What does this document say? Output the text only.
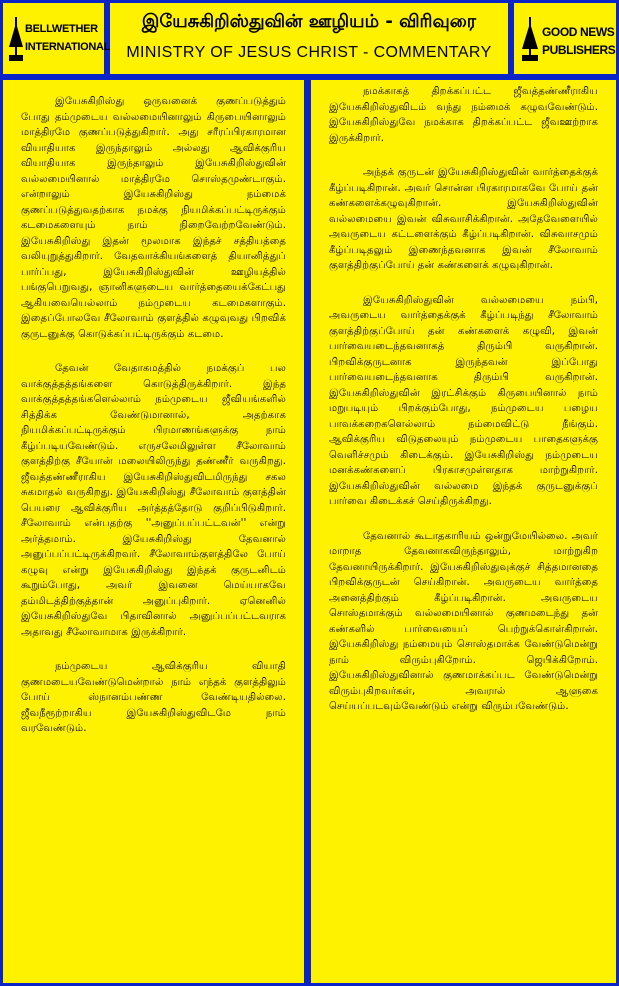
BELLWETHER
INTERNATIONAL
இயேசுகிறிஸ்துவின் ஊழியம் - விரிவுரை
MINISTRY OF JESUS CHRIST - COMMENTARY
GOOD NEWS
PUBLISHERS

இயேசுகிறிஸ்து ஒருவனைக் குணப்படுத்தும் போது தம்முடைய வல்லமையினாலும் கிருபையினாலும் மாத்திரமே குணப்படுத்துகிறார். அது சரீரப்பிரகாரமான வியாதியாக இருந்தாலும் அல்லது ஆவிக்குரிய வியாதியாக இருந்தாலும் இயேசுகிறிஸ்துவின் வல்லமையினால் மாத்திரமே சொஸ்தமுண்டாகும். என்றாலும் இயேசுகிறிஸ்து நம்மைக் குணப்படுத்துவதற்காக நமக்கு நியமிக்கப்பட்டிருக்கும் கடமைகளையும் நாம் நிறைவேற்றவேண்டும். இயேசுகிறிஸ்து இதன் மூலமாக இந்தச் சத்தியத்தை வலியுறுத்துகிறார். வேதவாக்கியங்களைத் தியானித்துப் பார்ப்பது, இயேசுகிறிஸ்துவின் ஊழியத்தில் பங்குபெறுவது, ஞானிகளுடைய வார்த்தையைக்கேட்பது ஆகியவையெல்லாம் நம்முடைய கடமைகளாகும். இதைப்போலவே சீலோவாம் குளத்தில் கழுவுவது பிறவிக் குருடனுக்கு கொடுக்கப்பட்டிருக்கும் கடமை.

தேவன் வேதாகமத்தில் நமக்குப் பல வாக்குத்தத்தங்களை கொடுத்திருக்கிறார். இந்த வாக்குத்தத்தங்களெல்லாம் நம்முடைய ஜீவியங்களில் சித்திக்க வேண்டுமானால், அதற்காக நியமிக்கப்பட்டிருக்கும் பிரமாணங்களுக்கு நாம் கீழ்ப்படியவேண்டும். எருசலேமிலுள்ள சீலோவாம் குளத்திற்கு சீயோன் மலையிலிருந்து தண்ணீர் வருகிறது. ஜீவத்தண்ணீராகிய இயேசுகிறிஸ்துவிடமிருந்து சகல சுகமாதல் வருகிறது. இயேசுகிறிஸ்து சீலோவாம் குளத்தின் பெயரை ஆவிக்குரிய அர்த்தத்தோடு குறிப்பிடுகிறார். சீலோவாம் என்பதற்கு ''அனுப்பப்பட்டவன்'' என்று அர்த்தமாம். இயேசுகிறிஸ்து தேவனால் அனுப்பப்பட்டிருக்கிறவர். சீலோவாம்குளத்திலே போய் கழுவு என்று இயேசுகிறிஸ்து இந்தக் குருடனிடம் கூறும்போது, அவர் இவனை மெய்யாகவே தம்மிடத்திற்குத்தான் அனுப்புகிறார். ஏனெனில் இயேசுகிறிஸ்துவே பிதாவினால் அனுப்பப்பட்டவராக அதாவது சீலோவாமாக இருக்கிறார்.

நம்முடைய ஆவிக்குரிய வியாதி குணமடையவேண்டுமென்றால் நாம் எந்தக் குளத்திலும் போய் ஸ்நானம்பண்ண வேண்டியதில்லை. ஜீவநீரூற்றாகிய இயேசுகிறிஸ்துவிடமே நாம் வரவேண்டும்.

நமக்காகத் திறக்கப்பட்ட ஜீவத்தண்ணீராகிய இயேசுகிறிஸ்துவிடம் வந்து நம்மைக் கழுவவேண்டும். இயேசுகிறிஸ்துவே நமக்காக திறக்கப்பட்ட ஜீவஊற்றாக இருக்கிறார்.

அந்தக் குருடன் இயேசுகிறிஸ்துவின் வார்த்தைக்குக் கீழ்ப்படிகிறான். அவர் சொன்ன பிரகாரமாகவே போய் தன் கண்களைக்கழுவுகிறான். இயேசுகிறிஸ்துவின் வல்லமையை இவன் விசுவாசிக்கிறான். அதேவேளையில் அவருடைய கட்டளைக்கும் கீழ்ப்படிகிறான். விசுவாசமும் கீழ்ப்படிதலும் இணைந்தவனாக இவன் சீலோவாம் குளத்திற்குப்போய் தன் கண்களைக் கழுவுகிறான்.

இயேசுகிறிஸ்துவின் வல்லமையை நம்பி, அவருடைய வார்த்தைக்குக் கீழ்ப்படிந்து சீலோவாம் குளத்திற்குப்போய் தன் கண்களைக் கழுவி, இவன் பார்வையடைந்தவனாகத் திரும்பி வருகிறான். பிறவிக்குருடனாக இருந்தவன் இப்போது பார்வையடைந்தவனாக திரும்பி வருகிறான். இயேசுகிறிஸ்துவின் இரட்சிக்கும் கிருபையினால் நாம் மறுபடியும் பிறக்கும்போது, நம்முடைய பழைய பாவக்கறைகளெல்லாம் நம்மைவிட்டு நீங்கும். ஆவிக்குரிய விடுதலையும் நம்முடைய பாதைகளுக்கு வெளிச்சமும் கிடைக்கும். இயேசுகிறிஸ்து நம்முடைய மனக்கண்களைப் பிரகாசமுள்ளதாக மாற்றுகிறார். இயேசுகிறிஸ்துவின் வல்லமை இந்தக் குருடனுக்குப் பார்வை கிடைக்கச் செய்திருக்கிறது.

தேவனால் கூடாதகாரியம் ஒன்றுமேயில்லை. அவர் மாறாத தேவனாகவிருந்தாலும், மாற்றுகிற தேவனாயிருக்கிறார். இயேசுகிறிஸ்துவுக்குச் சித்தமானதை பிறவிக்குருடன் செய்கிறான். அவருடைய வார்த்தை அனைத்திற்கும் கீழ்ப்படிகிறான். அவருடைய சொஸ்தமாக்கும் வல்லமையினால் குணமடைந்து தன் கண்களில் பார்வையைப் பெற்றுக்கொள்கிறான். இயேசுகிறிஸ்து நம்மையும் சொஸ்தமாக்க வேண்டுமென்று நாம் விரும்புகிறோம். ஜெபிக்கிறோம். இயேசுகிறிஸ்துவினால் குணமாக்கப்பட வேண்டுமென்று விரும்புகிறவர்கள், அவரால் ஆளுகை செய்யப்படவும்வேண்டும் என்று விரும்பவேண்டும்.
